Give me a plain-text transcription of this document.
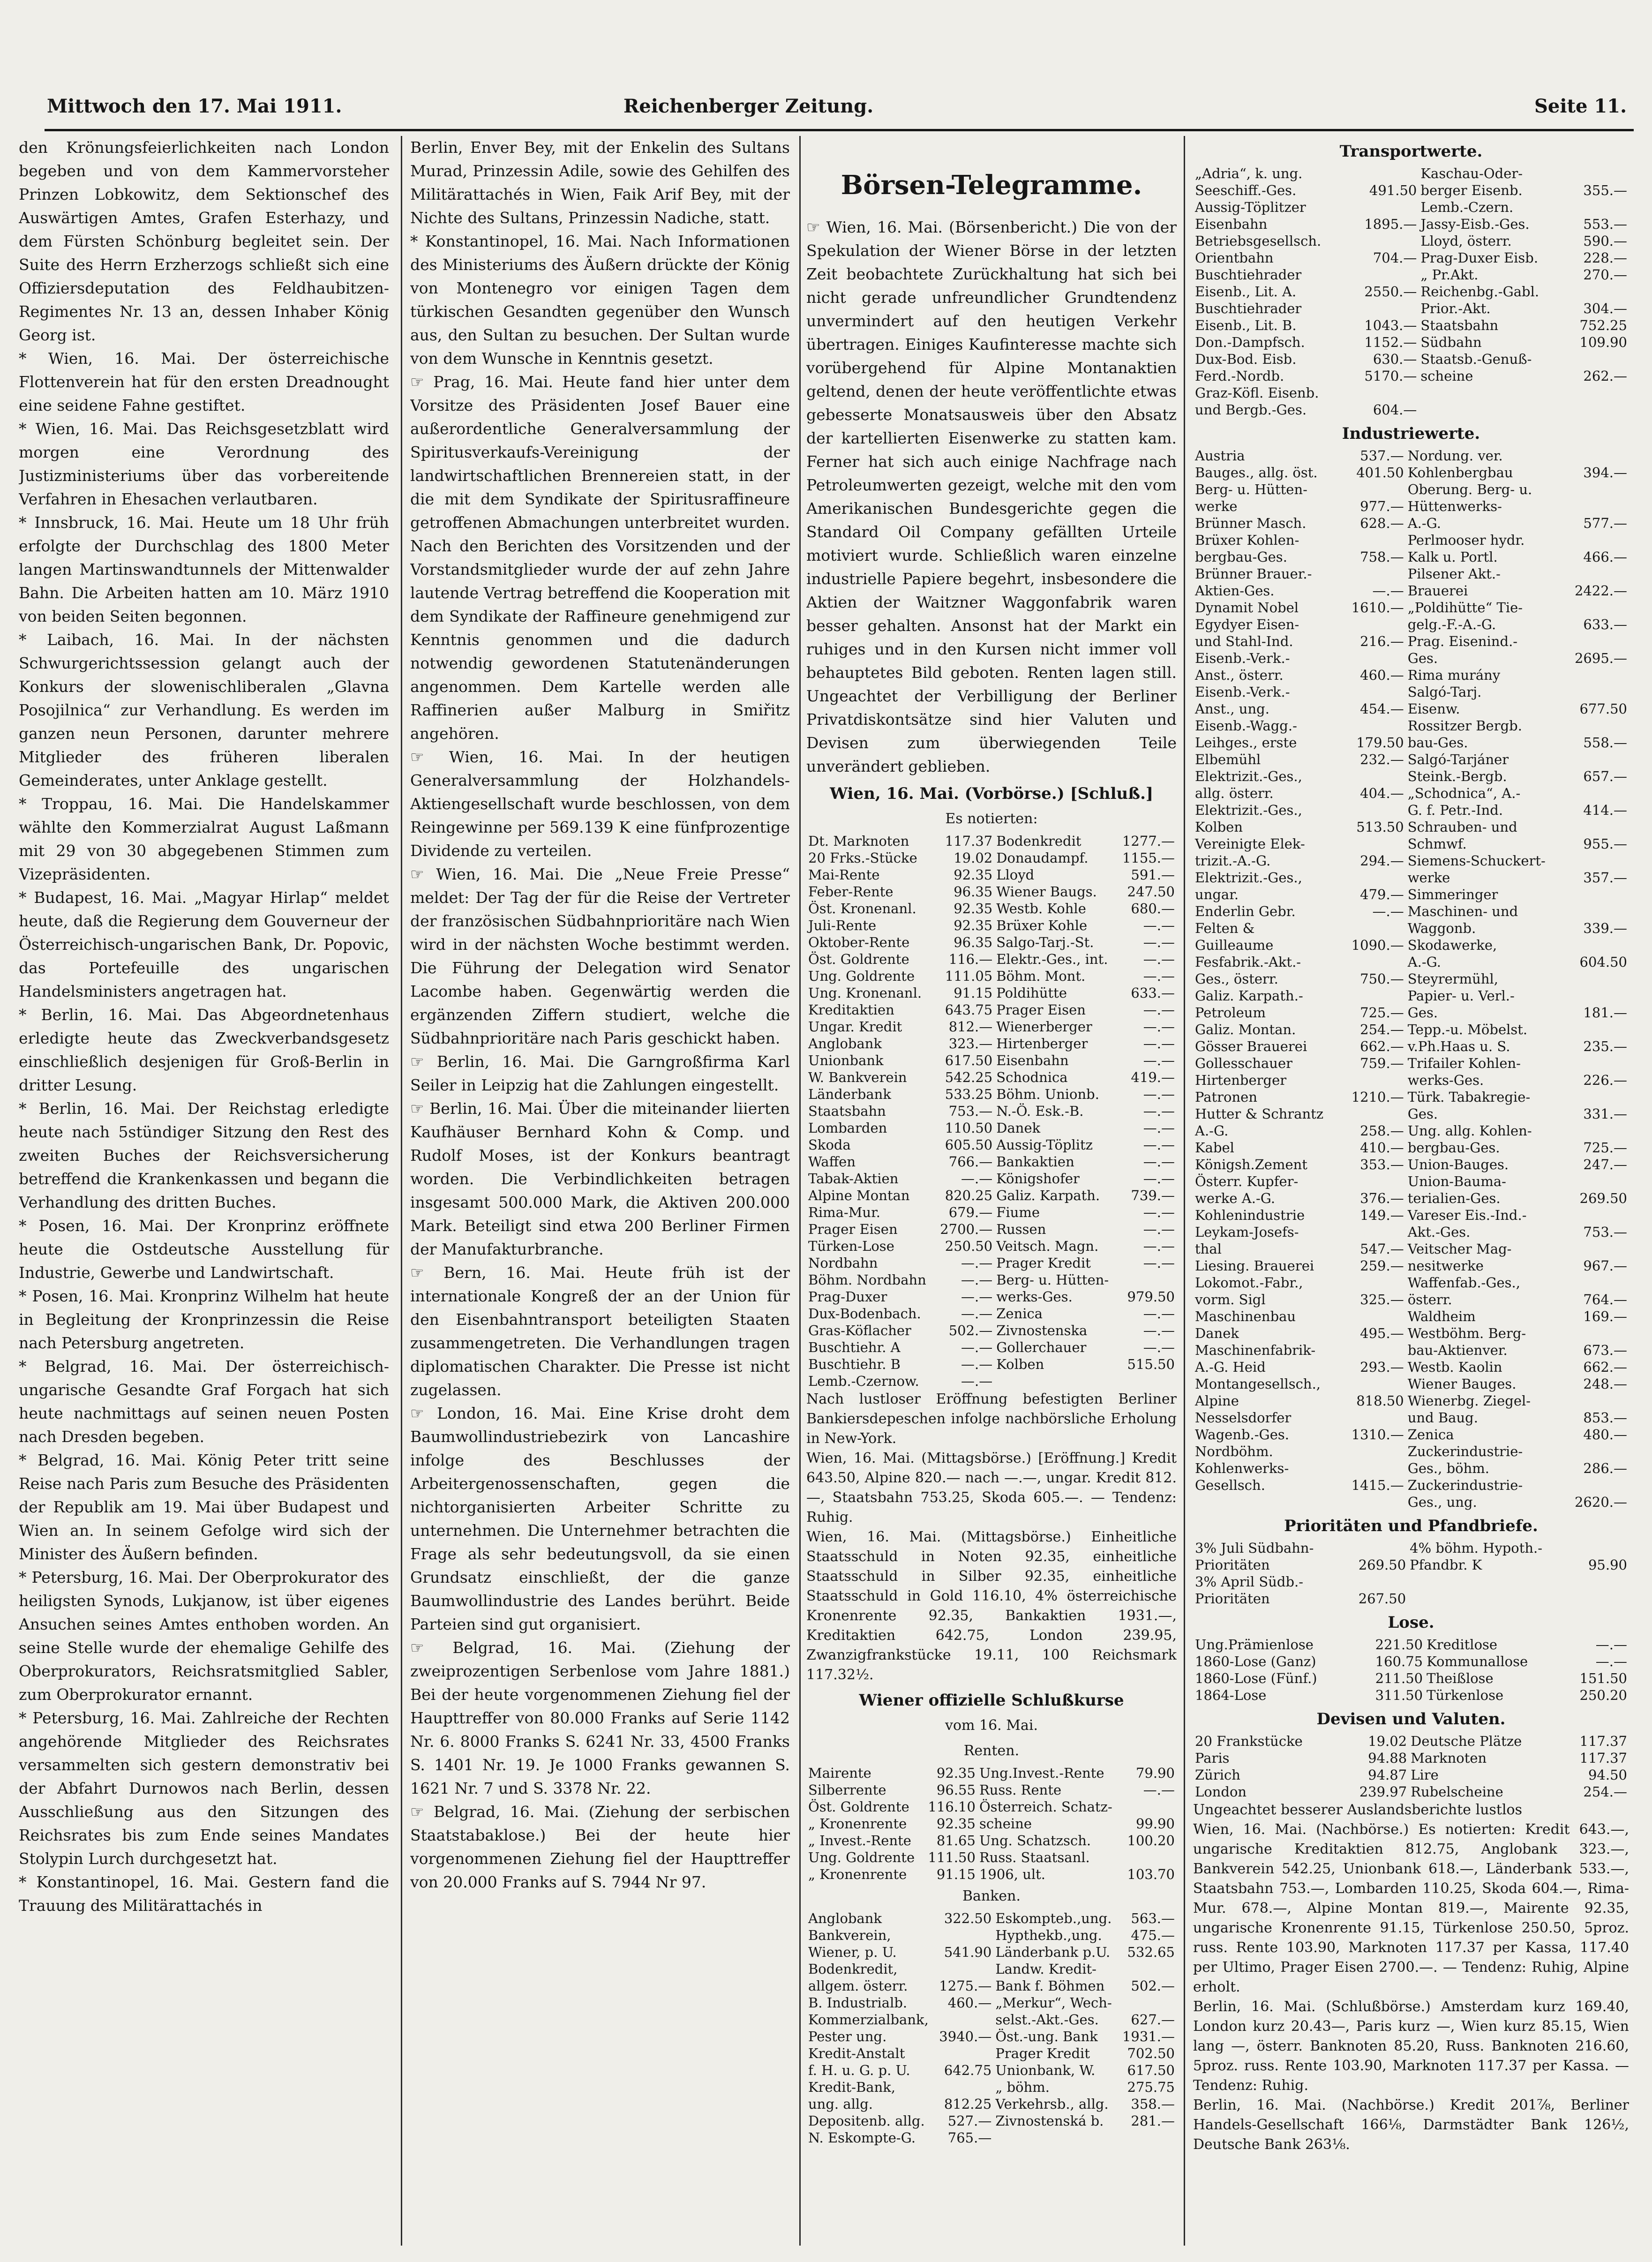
Mittwoch den 17. Mai 1911.	Reichenberger Zeitung.	Seite 11.

den Krönungsfeierlichkeiten nach London begeben und von dem Kammervorsteher Prinzen Lobkowitz, dem Sektionschef des Auswärtigen Amtes, Grafen Esterhazy, und dem Fürsten Schönburg begleitet sein. Der Suite des Herrn Erzherzogs schließt sich eine Offiziersdeputation des Feldhaubitzen-Regimentes Nr. 13 an, dessen Inhaber König Georg ist.

* Wien, 16. Mai. Der österreichische Flottenverein hat für den ersten Dreadnought eine seidene Fahne gestiftet.

* Wien, 16. Mai. Das Reichsgesetzblatt wird morgen eine Verordnung des Justizministeriums über das vorbereitende Verfahren in Ehesachen verlautbaren.

* Innsbruck, 16. Mai. Heute um 18 Uhr früh erfolgte der Durchschlag des 1800 Meter langen Martinswandtunnels der Mittenwalder Bahn. Die Arbeiten hatten am 10. März 1910 von beiden Seiten begonnen.

* Laibach, 16. Mai. In der nächsten Schwurgerichtssession gelangt auch der Konkurs der slowenischliberalen „Glavna Posojilnica“ zur Verhandlung. Es werden im ganzen neun Personen, darunter mehrere Mitglieder des früheren liberalen Gemeinderates, unter Anklage gestellt.

* Troppau, 16. Mai. Die Handelskammer wählte den Kommerzialrat August Laßmann mit 29 von 30 abgegebenen Stimmen zum Vizepräsidenten.

* Budapest, 16. Mai. „Magyar Hirlap“ meldet heute, daß die Regierung dem Gouverneur der Österreichisch-ungarischen Bank, Dr. Popovic, das Portefeuille des ungarischen Handelsministers angetragen hat.

* Berlin, 16. Mai. Das Abgeordnetenhaus erledigte heute das Zweckverbandsgesetz einschließlich desjenigen für Groß-Berlin in dritter Lesung.

* Berlin, 16. Mai. Der Reichstag erledigte heute nach 5stündiger Sitzung den Rest des zweiten Buches der Reichsversicherung betreffend die Krankenkassen und begann die Verhandlung des dritten Buches.

* Posen, 16. Mai. Der Kronprinz eröffnete heute die Ostdeutsche Ausstellung für Industrie, Gewerbe und Landwirtschaft.

* Posen, 16. Mai. Kronprinz Wilhelm hat heute in Begleitung der Kronprinzessin die Reise nach Petersburg angetreten.

* Belgrad, 16. Mai. Der österreichisch-ungarische Gesandte Graf Forgach hat sich heute nachmittags auf seinen neuen Posten nach Dresden begeben.

* Belgrad, 16. Mai. König Peter tritt seine Reise nach Paris zum Besuche des Präsidenten der Republik am 19. Mai über Budapest und Wien an. In seinem Gefolge wird sich der Minister des Äußern befinden.

* Petersburg, 16. Mai. Der Oberprokurator des heiligsten Synods, Lukjanow, ist über eigenes Ansuchen seines Amtes enthoben worden. An seine Stelle wurde der ehemalige Gehilfe des Oberprokurators, Reichsratsmitglied Sabler, zum Oberprokurator ernannt.

* Petersburg, 16. Mai. Zahlreiche der Rechten angehörende Mitglieder des Reichsrates versammelten sich gestern demonstrativ bei der Abfahrt Durnowos nach Berlin, dessen Ausschließung aus den Sitzungen des Reichsrates bis zum Ende seines Mandates Stolypin Lurch durchgesetzt hat.

* Konstantinopel, 16. Mai. Gestern fand die Trauung des Militärattachés in

Berlin, Enver Bey, mit der Enkelin des Sultans Murad, Prinzessin Adile, sowie des Gehilfen des Militärattachés in Wien, Faik Arif Bey, mit der Nichte des Sultans, Prinzessin Nadiche, statt.

* Konstantinopel, 16. Mai. Nach Informationen des Ministeriums des Äußern drückte der König von Montenegro vor einigen Tagen dem türkischen Gesandten gegenüber den Wunsch aus, den Sultan zu besuchen. Der Sultan wurde von dem Wunsche in Kenntnis gesetzt.

☞ Prag, 16. Mai. Heute fand hier unter dem Vorsitze des Präsidenten Josef Bauer eine außerordentliche Generalversammlung der Spiritusverkaufs-Vereinigung der landwirtschaftlichen Brennereien statt, in der die mit dem Syndikate der Spiritusraffineure getroffenen Abmachungen unterbreitet wurden. Nach den Berichten des Vorsitzenden und der Vorstandsmitglieder wurde der auf zehn Jahre lautende Vertrag betreffend die Kooperation mit dem Syndikate der Raffineure genehmigend zur Kenntnis genommen und die dadurch notwendig gewordenen Statutenänderungen angenommen. Dem Kartelle werden alle Raffinerien außer Malburg in Smiřitz angehören.

☞ Wien, 16. Mai. In der heutigen Generalversammlung der Holzhandels-Aktiengesellschaft wurde beschlossen, von dem Reingewinne per 569.139 K eine fünfprozentige Dividende zu verteilen.

☞ Wien, 16. Mai. Die „Neue Freie Presse“ meldet: Der Tag der für die Reise der Vertreter der französischen Südbahnprioritäre nach Wien wird in der nächsten Woche bestimmt werden. Die Führung der Delegation wird Senator Lacombe haben. Gegenwärtig werden die ergänzenden Ziffern studiert, welche die Südbahnprioritäre nach Paris geschickt haben.

☞ Berlin, 16. Mai. Die Garngroßfirma Karl Seiler in Leipzig hat die Zahlungen eingestellt.

☞ Berlin, 16. Mai. Über die miteinander liierten Kaufhäuser Bernhard Kohn & Comp. und Rudolf Moses, ist der Konkurs beantragt worden. Die Verbindlichkeiten betragen insgesamt 500.000 Mark, die Aktiven 200.000 Mark. Beteiligt sind etwa 200 Berliner Firmen der Manufakturbranche.

☞ Bern, 16. Mai. Heute früh ist der internationale Kongreß der an der Union für den Eisenbahntransport beteiligten Staaten zusammengetreten. Die Verhandlungen tragen diplomatischen Charakter. Die Presse ist nicht zugelassen.

☞ London, 16. Mai. Eine Krise droht dem Baumwollindustriebezirk von Lancashire infolge des Beschlusses der Arbeitergenossenschaften, gegen die nichtorganisierten Arbeiter Schritte zu unternehmen. Die Unternehmer betrachten die Frage als sehr bedeutungsvoll, da sie einen Grundsatz einschließt, der die ganze Baumwollindustrie des Landes berührt. Beide Parteien sind gut organisiert.

☞ Belgrad, 16. Mai. (Ziehung der zweiprozentigen Serbenlose vom Jahre 1881.) Bei der heute vorgenommenen Ziehung fiel der Haupttreffer von 80.000 Franks auf Serie 1142 Nr. 6. 8000 Franks S. 6241 Nr. 33, 4500 Franks S. 1401 Nr. 19. Je 1000 Franks gewannen S. 1621 Nr. 7 und S. 3378 Nr. 22.

☞ Belgrad, 16. Mai. (Ziehung der serbischen Staatstabaklose.) Bei der heute hier vorgenommenen Ziehung fiel der Haupttreffer von 20.000 Franks auf S. 7944 Nr 97.

Börsen-Telegramme.

☞ Wien, 16. Mai. (Börsenbericht.) Die von der Spekulation der Wiener Börse in der letzten Zeit beobachtete Zurückhaltung hat sich bei nicht gerade unfreundlicher Grundtendenz unvermindert auf den heutigen Verkehr übertragen. Einiges Kaufinteresse machte sich vorübergehend für Alpine Montanaktien geltend, denen der heute veröffentlichte etwas gebesserte Monatsausweis über den Absatz der kartellierten Eisenwerke zu statten kam. Ferner hat sich auch einige Nachfrage nach Petroleumwerten gezeigt, welche mit den vom Amerikanischen Bundesgerichte gegen die Standard Oil Company gefällten Urteile motiviert wurde. Schließlich waren einzelne industrielle Papiere begehrt, insbesondere die Aktien der Waitzner Waggonfabrik waren besser gehalten. Ansonst hat der Markt ein ruhiges und in den Kursen nicht immer voll behauptetes Bild geboten. Renten lagen still. Ungeachtet der Verbilligung der Berliner Privatdiskontsätze sind hier Valuten und Devisen zum überwiegenden Teile unverändert geblieben.

Wien, 16. Mai. (Vorbörse.) [Schluß.]
Es notierten:
Dt. Marknoten	117.37	Bodenkredit	1277.—
20 Frks.-Stücke	19.02	Donaudampf.	1155.—
Mai-Rente	92.35	Lloyd	591.—
Feber-Rente	96.35	Wiener Baugs.	247.50
Öst. Kronenanl.	92.35	Westb. Kohle	680.—
Juli-Rente	92.35	Brüxer Kohle	—.—
Oktober-Rente	96.35	Salgo-Tarj.-St.	—.—
Öst. Goldrente	116.—	Elektr.-Ges., int.	—.—
Ung. Goldrente	111.05	Böhm. Mont.	—.—
Ung. Kronenanl.	91.15	Poldihütte	633.—
Kreditaktien	643.75	Prager Eisen	—.—
Ungar. Kredit	812.—	Wienerberger	—.—
Anglobank	323.—	Hirtenberger	—.—
Unionbank	617.50	Eisenbahn	—.—
W. Bankverein	542.25	Schodnica	419.—
Länderbank	533.25	Böhm. Unionb.	—.—
Staatsbahn	753.—	N.-Ö. Esk.-B.	—.—
Lombarden	110.50	Danek	—.—
Skoda	605.50	Aussig-Töplitz	—.—
Waffen	766.—	Bankaktien	—.—
Tabak-Aktien	—.—	Königshofer	—.—
Alpine Montan	820.25	Galiz. Karpath.	739.—
Rima-Mur.	679.—	Fiume	—.—
Prager Eisen	2700.—	Russen	—.—
Türken-Lose	250.50	Veitsch. Magn.	—.—
Nordbahn	—.—	Prager Kredit	—.—
Böhm. Nordbahn	—.—	Berg- u. Hütten-	
Prag-Duxer	—.—	werks-Ges.	979.50
Dux-Bodenbach.	—.—	Zenica	—.—
Gras-Köflacher	502.—	Zivnostenska	—.—
Buschtiehr. A	—.—	Gollerchauer	—.—
Buschtiehr. B	—.—	Kolben	515.50
Lemb.-Czernow.	—.—		

Nach lustloser Eröffnung befestigten Berliner Bankiersdepeschen infolge nachbörsliche Erholung in New-York.

Wien, 16. Mai. (Mittagsbörse.) [Eröffnung.] Kredit 643.50, Alpine 820.— nach —.—, ungar. Kredit 812.—, Staatsbahn 753.25, Skoda 605.—. — Tendenz: Ruhig.

Wien, 16. Mai. (Mittagsbörse.) Einheitliche Staatsschuld in Noten 92.35, einheitliche Staatsschuld in Silber 92.35, einheitliche Staatsschuld in Gold 116.10, 4% österreichische Kronenrente 92.35, Bankaktien 1931.—, Kreditaktien 642.75, London 239.95, Zwanzigfrankstücke 19.11, 100 Reichsmark 117.32½.

Wiener offizielle Schlußkurse
vom 16. Mai.
Renten.
Mairente	92.35	Ung.Invest.-Rente	79.90
Silberrente	96.55	Russ. Rente	—.—
Öst. Goldrente	116.10	Österreich. Schatz-	
„ Kronenrente	92.35	scheine	99.90
„ Invest.-Rente	81.65	Ung. Schatzsch.	100.20
Ung. Goldrente	111.50	Russ. Staatsanl.	
„ Kronenrente	91.15	1906, ult.	103.70
Banken.
Anglobank	322.50	Eskompteb.,ung.	563.—
Bankverein,		Hypthekb.,ung.	475.—
Wiener, p. U.	541.90	Länderbank p.U.	532.65
Bodenkredit,		Landw. Kredit-	
allgem. österr.	1275.—	Bank f. Böhmen	502.—
B. Industrialb.	460.—	„Merkur“, Wech-	
Kommerzialbank,		selst.-Akt.-Ges.	627.—
Pester ung.	3940.—	Öst.-ung. Bank	1931.—
Kredit-Anstalt		Prager Kredit	702.50
f. H. u. G. p. U.	642.75	Unionbank, W.	617.50
Kredit-Bank,		„ böhm.	275.75
ung. allg.	812.25	Verkehrsb., allg.	358.—
Depositenb. allg.	527.—	Zivnostenská b.	281.—
N. Eskompte-G.	765.—		
Transportwerte.
„Adria“, k. ung.		Kaschau-Oder-	
Seeschiff.-Ges.	491.50	berger Eisenb.	355.—
Aussig-Töplitzer		Lemb.-Czern.	
Eisenbahn	1895.—	Jassy-Eisb.-Ges.	553.—
Betriebsgesellsch.		Lloyd, österr.	590.—
Orientbahn	704.—	Prag-Duxer Eisb.	228.—
Buschtiehrader		„ Pr.Akt.	270.—
Eisenb., Lit. A.	2550.—	Reichenbg.-Gabl.	
Buschtiehrader		Prior.-Akt.	304.—
Eisenb., Lit. B.	1043.—	Staatsbahn	752.25
Don.-Dampfsch.	1152.—	Südbahn	109.90
Dux-Bod. Eisb.	630.—	Staatsb.-Genuß-	
Ferd.-Nordb.	5170.—	scheine	262.—
Graz-Köfl. Eisenb.			
und Bergb.-Ges.	604.—		
Industriewerte.
Austria	537.—	Nordung. ver.	
Bauges., allg. öst.	401.50	Kohlenbergbau	394.—
Berg- u. Hütten-		Oberung. Berg- u.	
werke	977.—	Hüttenwerks-	
Brünner Masch.	628.—	A.-G.	577.—
Brüxer Kohlen-		Perlmooser hydr.	
bergbau-Ges.	758.—	Kalk u. Portl.	466.—
Brünner Brauer.-		Pilsener Akt.-	
Aktien-Ges.	—.—	Brauerei	2422.—
Dynamit Nobel	1610.—	„Poldihütte“ Tie-	
Egydyer Eisen-		gelg.-F.-A.-G.	633.—
und Stahl-Ind.	216.—	Prag. Eisenind.-	
Eisenb.-Verk.-		Ges.	2695.—
Anst., österr.	460.—	Rima murány	
Eisenb.-Verk.-		Salgó-Tarj.	
Anst., ung.	454.—	Eisenw.	677.50
Eisenb.-Wagg.-		Rossitzer Bergb.	
Leihges., erste	179.50	bau-Ges.	558.—
Elbemühl	232.—	Salgó-Tarjáner	
Elektrizit.-Ges.,		Steink.-Bergb.	657.—
allg. österr.	404.—	„Schodnica“, A.-	
Elektrizit.-Ges.,		G. f. Petr.-Ind.	414.—
Kolben	513.50	Schrauben- und	
Vereinigte Elek-		Schmwf.	955.—
trizit.-A.-G.	294.—	Siemens-Schuckert-	
Elektrizit.-Ges.,		werke	357.—
ungar.	479.—	Simmeringer	
Enderlin Gebr.	—.—	Maschinen- und	
Felten &		Waggonb.	339.—
Guilleaume	1090.—	Skodawerke,	
Fesfabrik.-Akt.-		A.-G.	604.50
Ges., österr.	750.—	Steyrermühl,	
Galiz. Karpath.-		Papier- u. Verl.-	
Petroleum	725.—	Ges.	181.—
Galiz. Montan.	254.—	Tepp.-u. Möbelst.	
Gösser Brauerei	662.—	v.Ph.Haas u. S.	235.—
Gollesschauer	759.—	Trifailer Kohlen-	
Hirtenberger		werks-Ges.	226.—
Patronen	1210.—	Türk. Tabakregie-	
Hutter & Schrantz		Ges.	331.—
A.-G.	258.—	Ung. allg. Kohlen-	
Kabel	410.—	bergbau-Ges.	725.—
Königsh.Zement	353.—	Union-Bauges.	247.—
Österr. Kupfer-		Union-Bauma-	
werke A.-G.	376.—	terialien-Ges.	269.50
Kohlenindustrie	149.—	Vareser Eis.-Ind.-	
Leykam-Josefs-		Akt.-Ges.	753.—
thal	547.—	Veitscher Mag-	
Liesing. Brauerei	259.—	nesitwerke	967.—
Lokomot.-Fabr.,		Waffenfab.-Ges.,	
vorm. Sigl	325.—	österr.	764.—
Maschinenbau		Waldheim	169.—
Danek	495.—	Westböhm. Berg-	
Maschinenfabrik-		bau-Aktienver.	673.—
A.-G. Heid	293.—	Westb. Kaolin	662.—
Montangesellsch.,		Wiener Bauges.	248.—
Alpine	818.50	Wienerbg. Ziegel-	
Nesselsdorfer		und Baug.	853.—
Wagenb.-Ges.	1310.—	Zenica	480.—
Nordböhm.		Zuckerindustrie-	
Kohlenwerks-		Ges., böhm.	286.—
Gesellsch.	1415.—	Zuckerindustrie-	
		Ges., ung.	2620.—
Prioritäten und Pfandbriefe.
3% Juli Südbahn-		4% böhm. Hypoth.-	
Prioritäten	269.50	Pfandbr. K	95.90
3% April Südb.-			
Prioritäten	267.50		
Lose.
Ung.Prämienlose	221.50	Kreditlose	—.—
1860-Lose (Ganz)	160.75	Kommunallose	—.—
1860-Lose (Fünf.)	211.50	Theißlose	151.50
1864-Lose	311.50	Türkenlose	250.20
Devisen und Valuten.
20 Frankstücke	19.02	Deutsche Plätze	117.37
Paris	94.88	Marknoten	117.37
Zürich	94.87	Lire	94.50
London	239.97	Rubelscheine	254.—

Ungeachtet besserer Auslandsberichte lustlos

Wien, 16. Mai. (Nachbörse.) Es notierten: Kredit 643.—, ungarische Kreditaktien 812.75, Anglobank 323.—, Bankverein 542.25, Unionbank 618.—, Länderbank 533.—, Staatsbahn 753.—, Lombarden 110.25, Skoda 604.—, Rima-Mur. 678.—, Alpine Montan 819.—, Mairente 92.35, ungarische Kronenrente 91.15, Türkenlose 250.50, 5proz. russ. Rente 103.90, Marknoten 117.37 per Kassa, 117.40 per Ultimo, Prager Eisen 2700.—. — Tendenz: Ruhig, Alpine erholt.

Berlin, 16. Mai. (Schlußbörse.) Amsterdam kurz 169.40, London kurz 20.43—, Paris kurz —, Wien kurz 85.15, Wien lang —, österr. Banknoten 85.20, Russ. Banknoten 216.60, 5proz. russ. Rente 103.90, Marknoten 117.37 per Kassa. — Tendenz: Ruhig.

Berlin, 16. Mai. (Nachbörse.) Kredit 201⅞, Berliner Handels-Gesellschaft 166⅛, Darmstädter Bank 126½, Deutsche Bank 263⅛.
